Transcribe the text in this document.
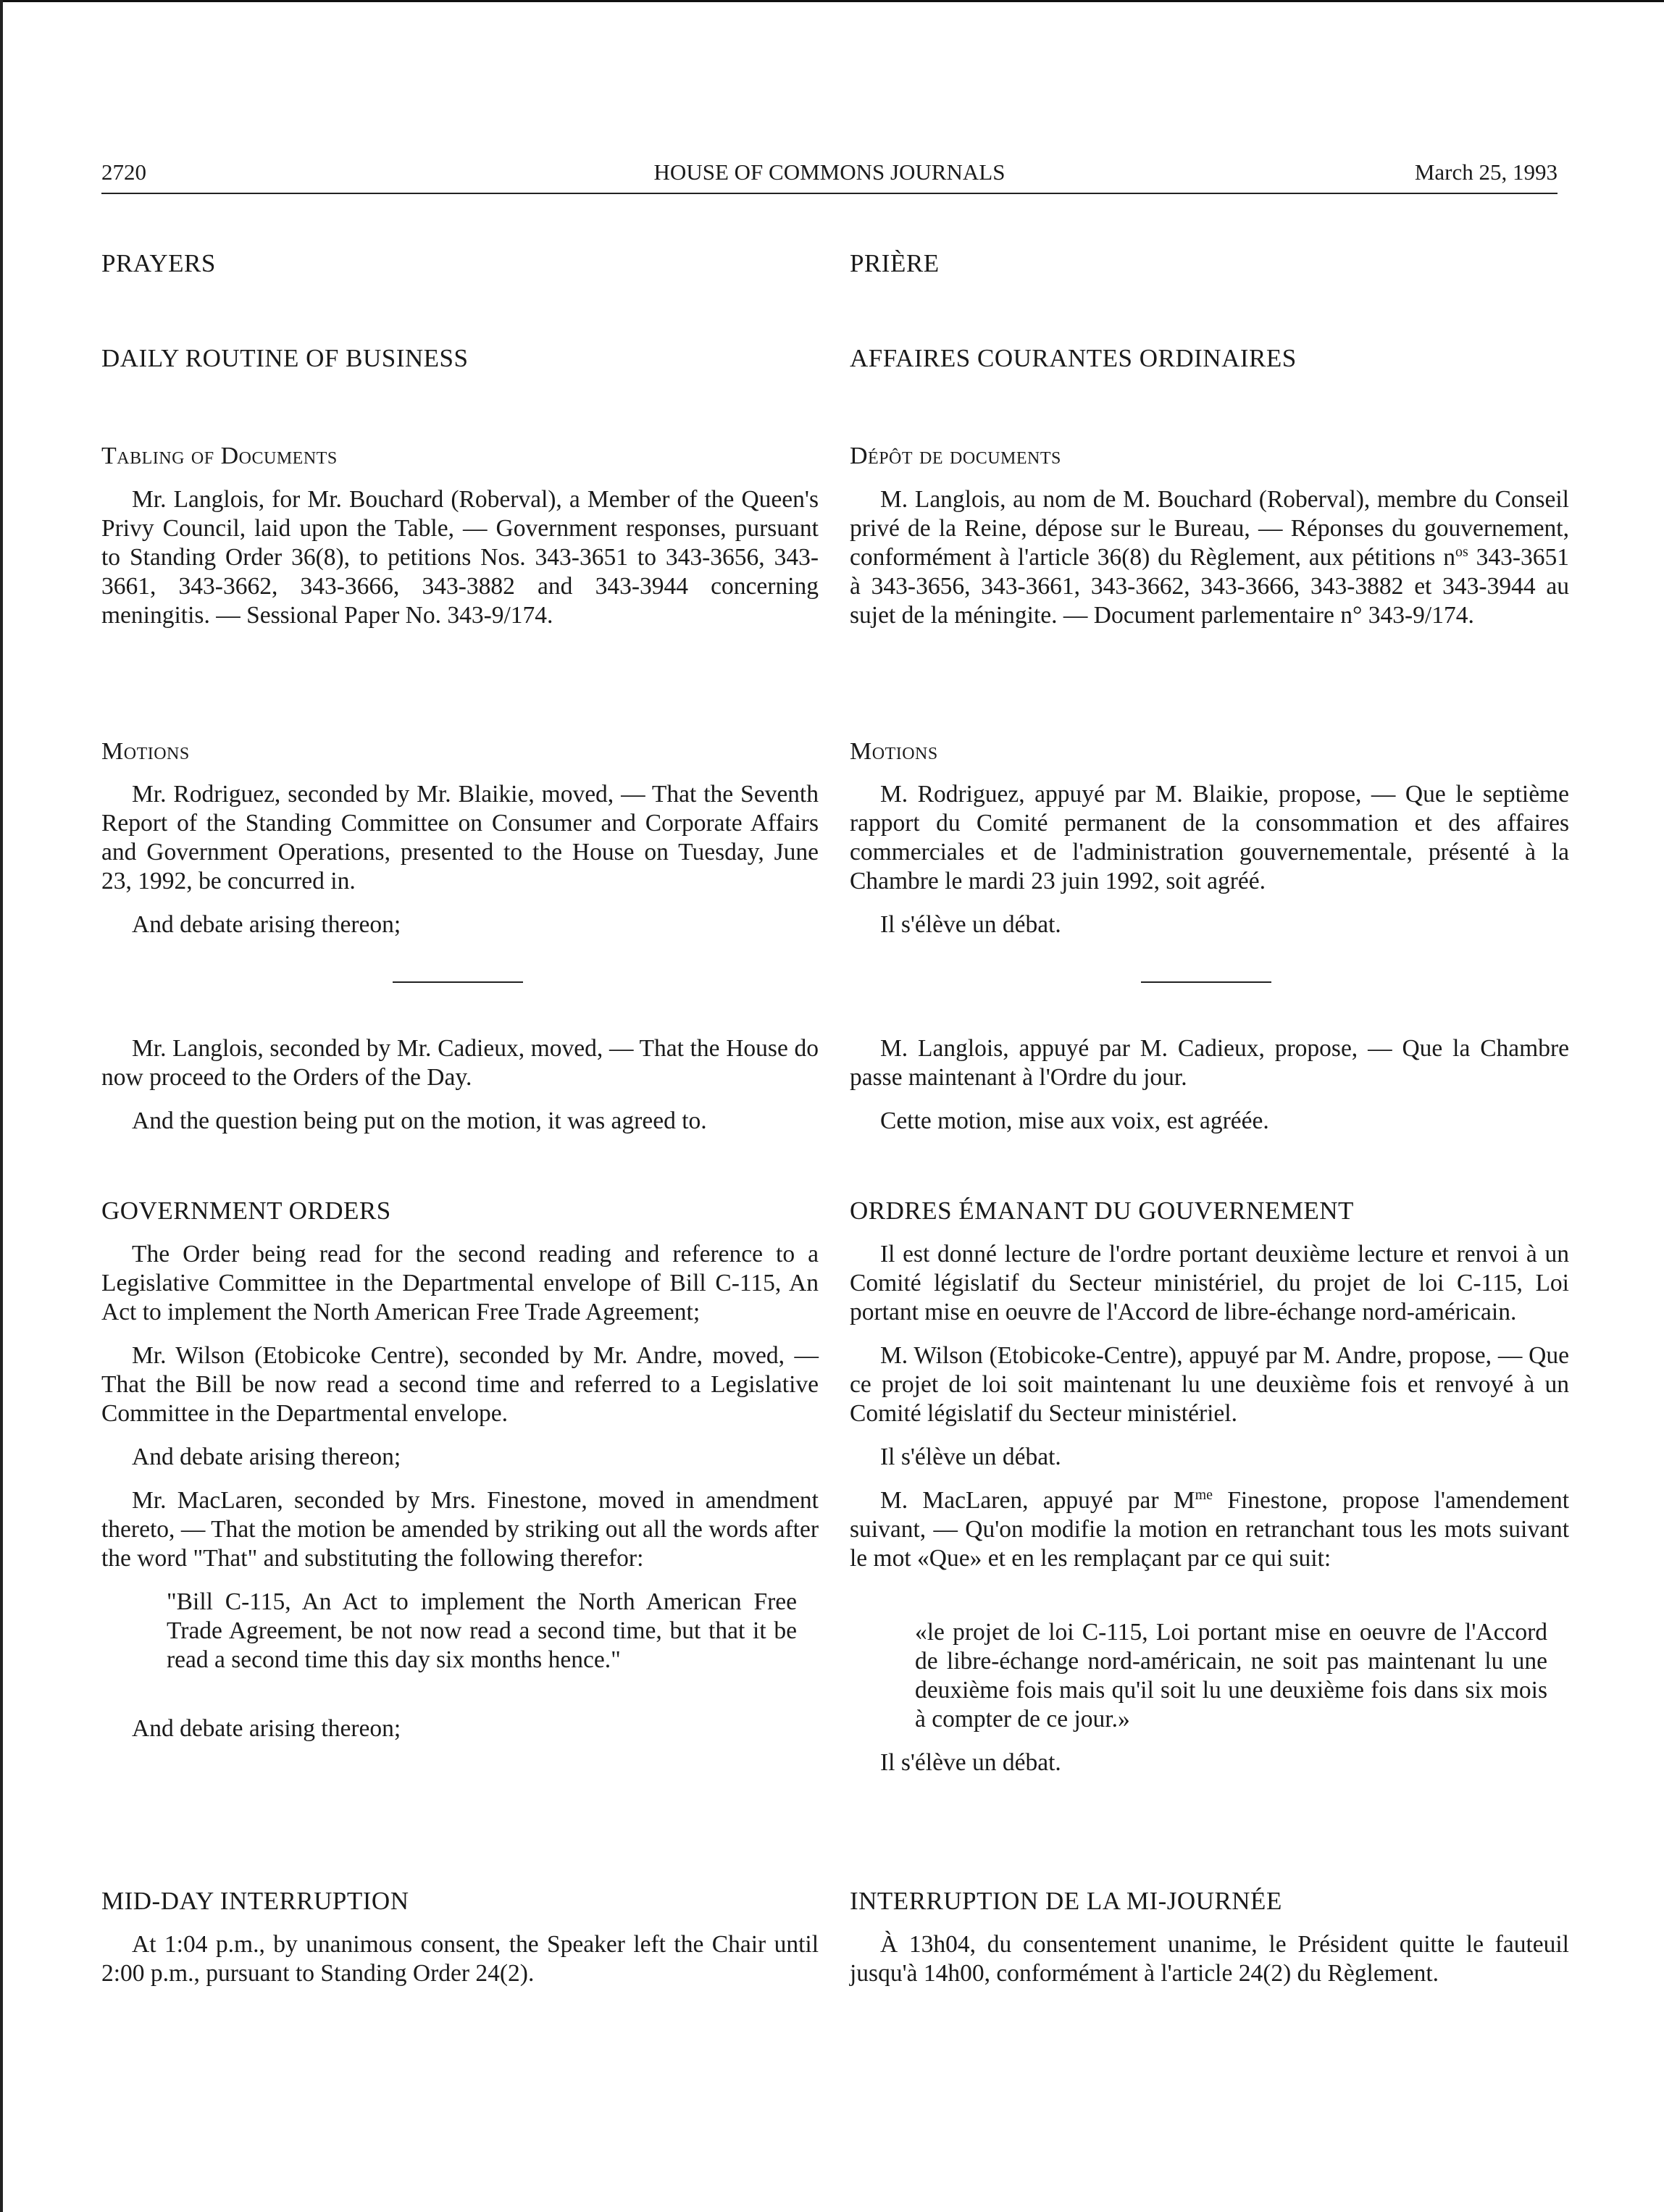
2720	HOUSE OF COMMONS JOURNALS	March 25, 1993
PRAYERS
DAILY ROUTINE OF BUSINESS
Tabling of Documents

Mr. Langlois, for Mr. Bouchard (Roberval), a Member of the Queen's Privy Council, laid upon the Table, — Government responses, pursuant to Standing Order 36(8), to petitions Nos. 343-3651 to 343-3656, 343-3661, 343-3662, 343-3666, 343-3882 and 343-3944 concerning meningitis. — Sessional Paper No. 343-9/174.

Motions

Mr. Rodriguez, seconded by Mr. Blaikie, moved, — That the Seventh Report of the Standing Committee on Consumer and Corporate Affairs and Government Operations, presented to the House on Tuesday, June 23, 1992, be concurred in.

And debate arising thereon;

Mr. Langlois, seconded by Mr. Cadieux, moved, — That the House do now proceed to the Orders of the Day.

And the question being put on the motion, it was agreed to.

GOVERNMENT ORDERS

The Order being read for the second reading and reference to a Legislative Committee in the Departmental envelope of Bill C-115, An Act to implement the North American Free Trade Agreement;

Mr. Wilson (Etobicoke Centre), seconded by Mr. Andre, moved, — That the Bill be now read a second time and referred to a Legislative Committee in the Departmental envelope.

And debate arising thereon;

Mr. MacLaren, seconded by Mrs. Finestone, moved in amendment thereto, — That the motion be amended by striking out all the words after the word "That" and substituting the following therefor:

"Bill C-115, An Act to implement the North American Free Trade Agreement, be not now read a second time, but that it be read a second time this day six months hence."

And debate arising thereon;

MID-DAY INTERRUPTION

At 1:04 p.m., by unanimous consent, the Speaker left the Chair until 2:00 p.m., pursuant to Standing Order 24(2).

PRIÈRE
AFFAIRES COURANTES ORDINAIRES
Dépôt de documents

M. Langlois, au nom de M. Bouchard (Roberval), membre du Conseil privé de la Reine, dépose sur le Bureau, — Réponses du gouvernement, conformément à l'article 36(8) du Règlement, aux pétitions $n^{os}$ 343-3651 à 343-3656, 343-3661, 343-3662, 343-3666, 343-3882 et 343-3944 au sujet de la méningite. — Document parlementaire n° 343-9/174.

Motions

M. Rodriguez, appuyé par M. Blaikie, propose, — Que le septième rapport du Comité permanent de la consommation et des affaires commerciales et de l'administration gouvernementale, présenté à la Chambre le mardi 23 juin 1992, soit agréé.

Il s'élève un débat.

M. Langlois, appuyé par M. Cadieux, propose, — Que la Chambre passe maintenant à l'Ordre du jour.

Cette motion, mise aux voix, est agréée.

ORDRES ÉMANANT DU GOUVERNEMENT

Il est donné lecture de l'ordre portant deuxième lecture et renvoi à un Comité législatif du Secteur ministériel, du projet de loi C-115, Loi portant mise en oeuvre de l'Accord de libre-échange nord-américain.

M. Wilson (Etobicoke-Centre), appuyé par M. Andre, propose, — Que ce projet de loi soit maintenant lu une deuxième fois et renvoyé à un Comité législatif du Secteur ministériel.

Il s'élève un débat.

M. MacLaren, appuyé par $M^{me}$ Finestone, propose l'amendement suivant, — Qu'on modifie la motion en retranchant tous les mots suivant le mot «Que» et en les remplaçant par ce qui suit:

«le projet de loi C-115, Loi portant mise en oeuvre de l'Accord de libre-échange nord-américain, ne soit pas maintenant lu une deuxième fois mais qu'il soit lu une deuxième fois dans six mois à compter de ce jour.»

Il s'élève un débat.

INTERRUPTION DE LA MI-JOURNÉE

À 13h04, du consentement unanime, le Président quitte le fauteuil jusqu'à 14h00, conformément à l'article 24(2) du Règlement.
